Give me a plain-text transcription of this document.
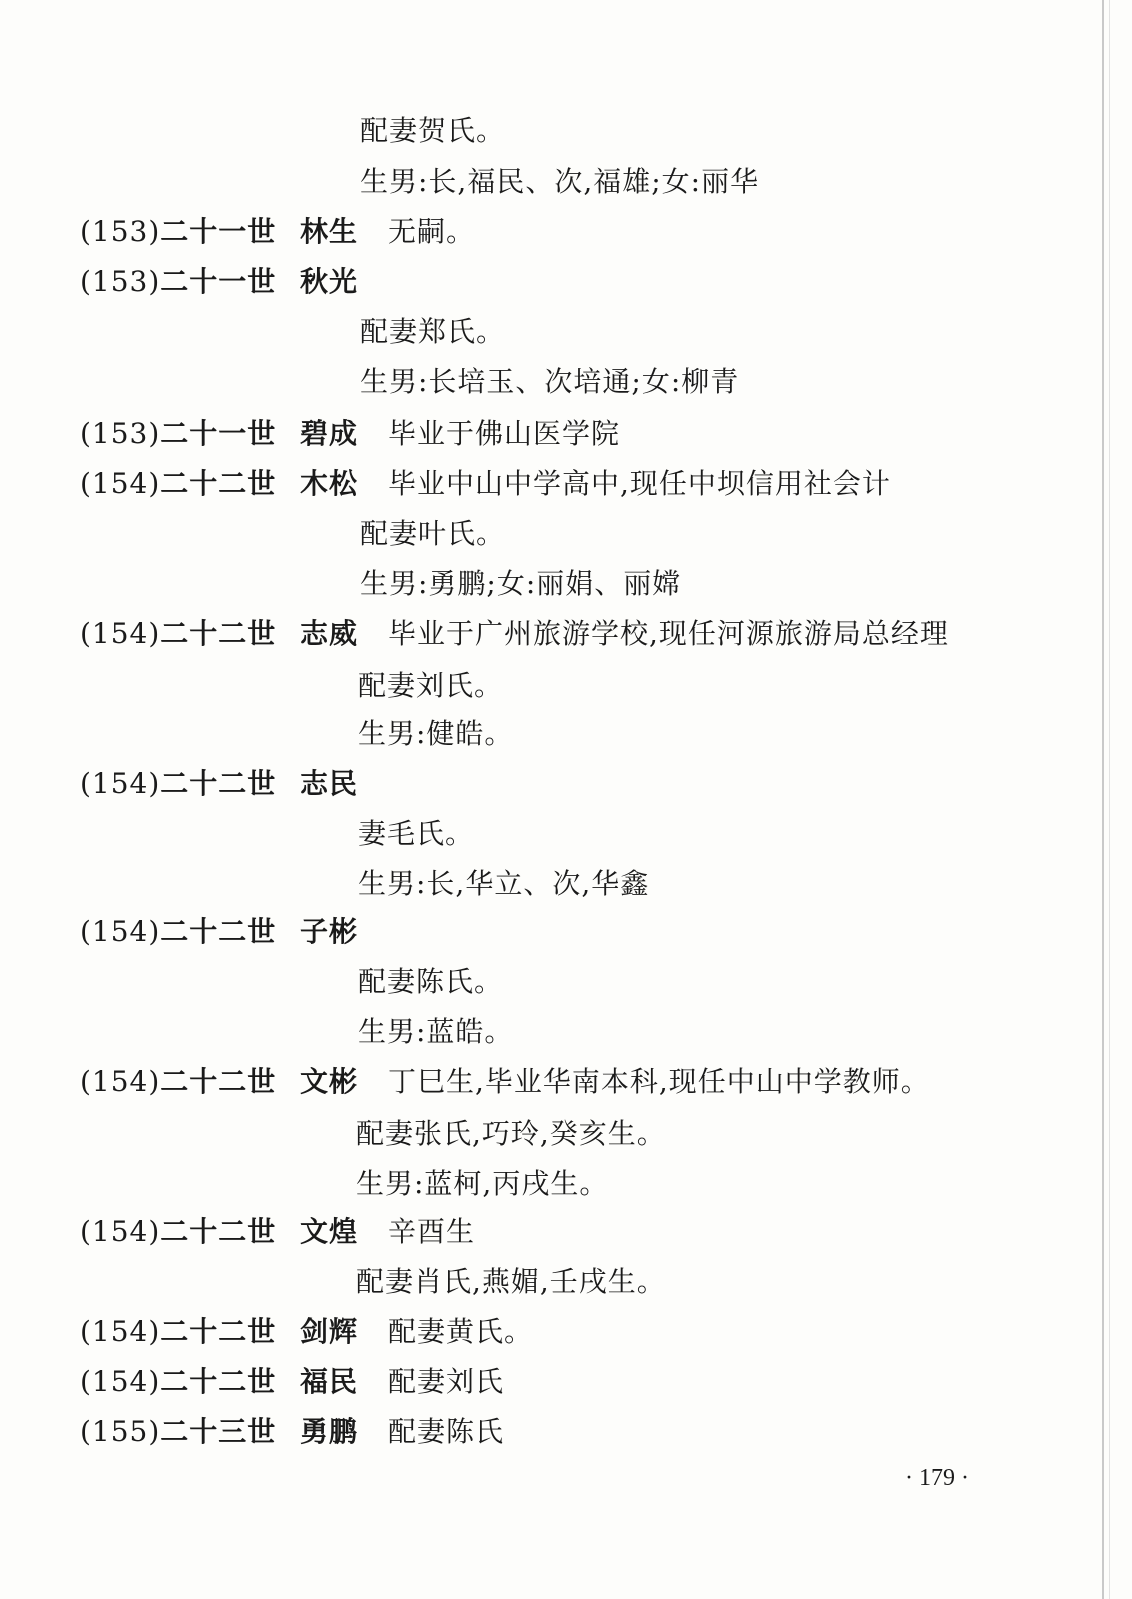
配妻贺氏。
生男:长,福民、次,福雄;女:丽华
(153)二十一世 林生 无嗣。
(153)二十一世 秋光
配妻郑氏。
生男:长培玉、次培通;女:柳青
(153)二十一世 碧成 毕业于佛山医学院
(154)二十二世 木松 毕业中山中学高中,现任中坝信用社会计
配妻叶氏。
生男:勇鹏;女:丽娟、丽嫦
(154)二十二世 志威 毕业于广州旅游学校,现任河源旅游局总经理
配妻刘氏。
生男:健皓。
(154)二十二世 志民
妻毛氏。
生男:长,华立、次,华鑫
(154)二十二世 子彬
配妻陈氏。
生男:蓝皓。
(154)二十二世 文彬 丁巳生,毕业华南本科,现任中山中学教师。
配妻张氏,巧玲,癸亥生。
生男:蓝柯,丙戌生。
(154)二十二世 文煌 辛酉生
配妻肖氏,燕媚,壬戌生。
(154)二十二世 剑辉 配妻黄氏。
(154)二十二世 福民 配妻刘氏
(155)二十三世 勇鹏 配妻陈氏
· 179 ·
